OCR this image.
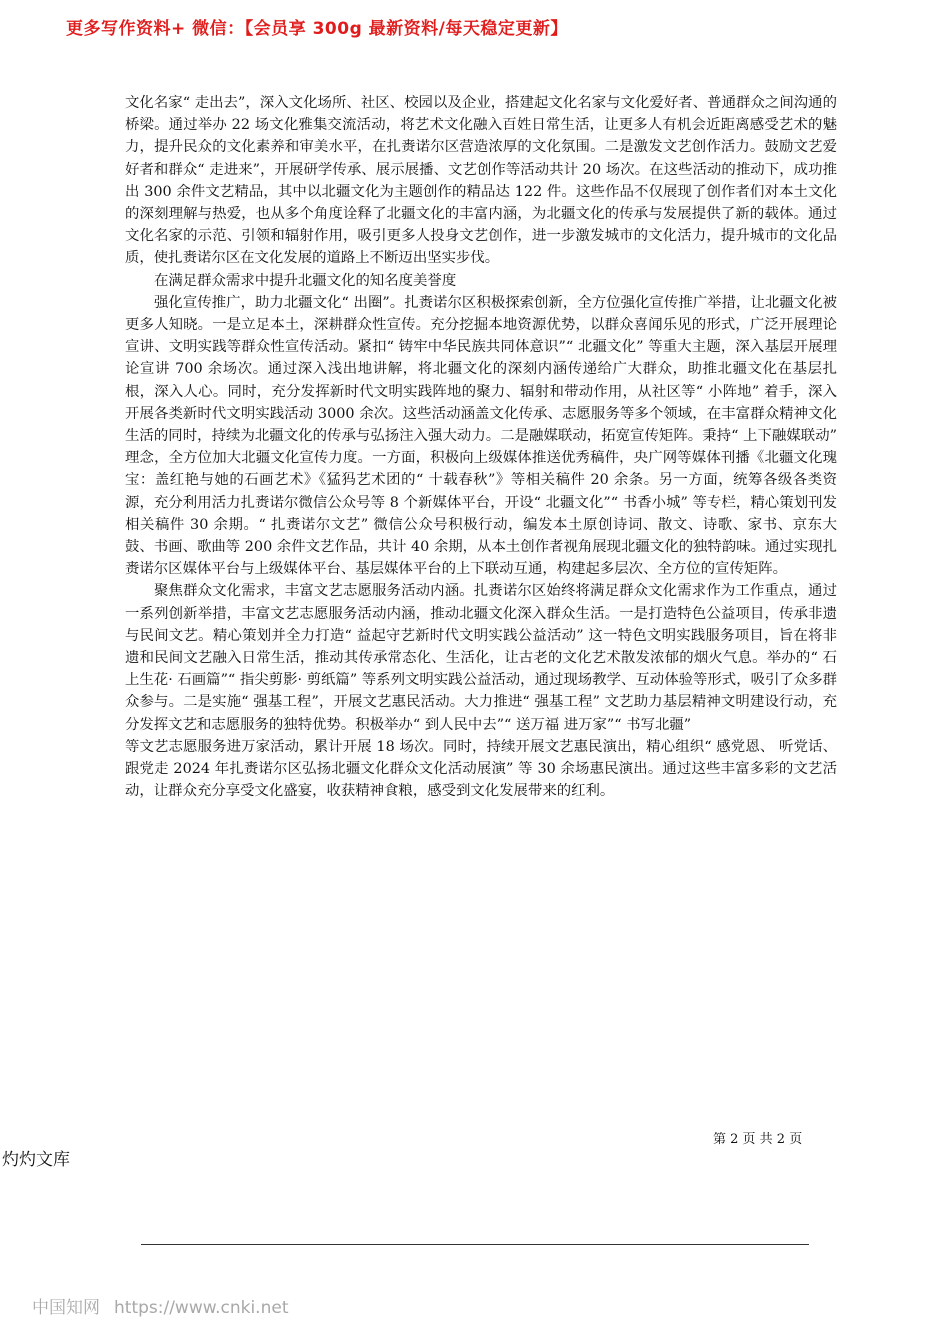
更多写作资料+ 微信：【会员享 300g 最新资料/每天稳定更新】

文化名家“ 走出去”，深入文化场所、社区、校园以及企业，搭建起文化名家与文化爱好者、普通群众之间沟通的桥梁。通过举办 22 场文化雅集交流活动，将艺术文化融入百姓日常生活，让更多人有机会近距离感受艺术的魅力，提升民众的文化素养和审美水平，在扎赉诺尔区营造浓厚的文化氛围。二是激发文艺创作活力。鼓励文艺爱好者和群众“ 走进来”，开展研学传承、展示展播、文艺创作等活动共计 20 场次。在这些活动的推动下，成功推出 300 余件文艺精品，其中以北疆文化为主题创作的精品达 122 件。这些作品不仅展现了创作者们对本土文化的深刻理解与热爱，也从多个角度诠释了北疆文化的丰富内涵，为北疆文化的传承与发展提供了新的载体。通过文化名家的示范、引领和辐射作用，吸引更多人投身文艺创作，进一步激发城市的文化活力，提升城市的文化品质，使扎赉诺尔区在文化发展的道路上不断迈出坚实步伐。

在满足群众需求中提升北疆文化的知名度美誉度

强化宣传推广，助力北疆文化“ 出圈”。扎赉诺尔区积极探索创新，全方位强化宣传推广举措，让北疆文化被更多人知晓。一是立足本土，深耕群众性宣传。充分挖掘本地资源优势，以群众喜闻乐见的形式，广泛开展理论宣讲、文明实践等群众性宣传活动。紧扣“ 铸牢中华民族共同体意识”“ 北疆文化” 等重大主题，深入基层开展理论宣讲 700 余场次。通过深入浅出地讲解，将北疆文化的深刻内涵传递给广大群众，助推北疆文化在基层扎根，深入人心。同时，充分发挥新时代文明实践阵地的聚力、辐射和带动作用，从社区等“ 小阵地” 着手，深入开展各类新时代文明实践活动 3000 余次。这些活动涵盖文化传承、志愿服务等多个领域，在丰富群众精神文化生活的同时，持续为北疆文化的传承与弘扬注入强大动力。二是融媒联动，拓宽宣传矩阵。秉持“ 上下融媒联动” 理念，全方位加大北疆文化宣传力度。一方面，积极向上级媒体推送优秀稿件，央广网等媒体刊播《北疆文化瑰宝：盖红艳与她的石画艺术》《猛犸艺术团的“ 十载春秋”》等相关稿件 20 余条。另一方面，统筹各级各类资源，充分利用活力扎赉诺尔微信公众号等 8 个新媒体平台，开设“ 北疆文化”“ 书香小城” 等专栏，精心策划刊发相关稿件 30 余期。“ 扎赉诺尔文艺” 微信公众号积极行动，编发本土原创诗词、散文、诗歌、家书、京东大鼓、书画、歌曲等 200 余件文艺作品，共计 40 余期，从本土创作者视角展现北疆文化的独特韵味。通过实现扎赉诺尔区媒体平台与上级媒体平台、基层媒体平台的上下联动互通，构建起多层次、全方位的宣传矩阵。

聚焦群众文化需求，丰富文艺志愿服务活动内涵。扎赉诺尔区始终将满足群众文化需求作为工作重点，通过一系列创新举措，丰富文艺志愿服务活动内涵，推动北疆文化深入群众生活。一是打造特色公益项目，传承非遗与民间文艺。精心策划并全力打造“ 益起守艺新时代文明实践公益活动” 这一特色文明实践服务项目，旨在将非遗和民间文艺融入日常生活，推动其传承常态化、生活化，让古老的文化艺术散发浓郁的烟火气息。举办的“ 石上生花· 石画篇”“ 指尖剪影· 剪纸篇” 等系列文明实践公益活动，通过现场教学、互动体验等形式，吸引了众多群众参与。二是实施“ 强基工程”，开展文艺惠民活动。大力推进“ 强基工程” 文艺助力基层精神文明建设行动，充分发挥文艺和志愿服务的独特优势。积极举办“ 到人民中去”“ 送万福 进万家”“ 书写北疆”

等文艺志愿服务进万家活动，累计开展 18 场次。同时，持续开展文艺惠民演出，精心组织“ 感党恩、 听党话、 跟党走 2024 年扎赉诺尔区弘扬北疆文化群众文化活动展演” 等 30 余场惠民演出。通过这些丰富多彩的文艺活动，让群众充分享受文化盛宴，收获精神食粮，感受到文化发展带来的红利。

第 2 页 共 2 页
灼灼文库
中国知网 https://www.cnki.net
